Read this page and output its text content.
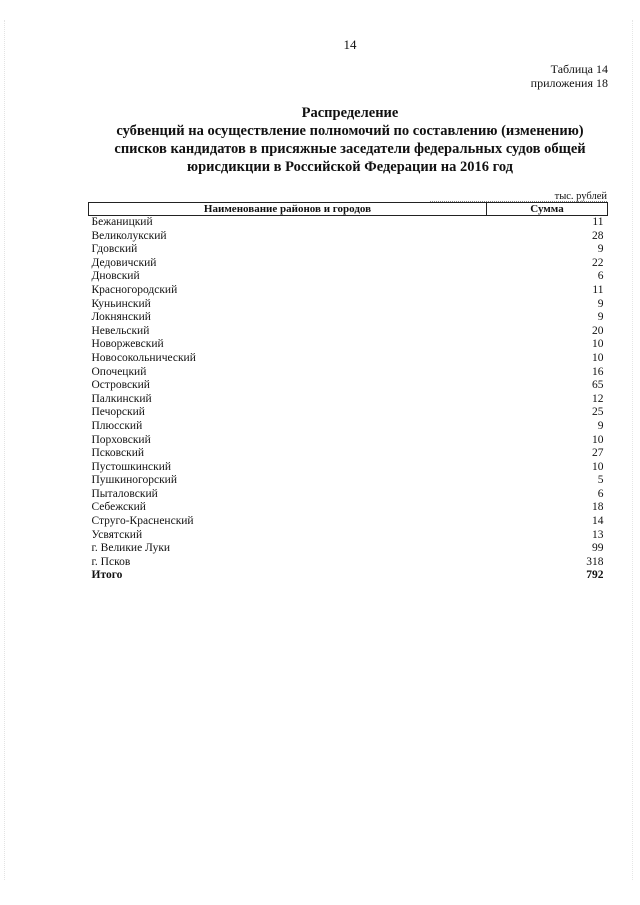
14
Таблица 14
приложения 18
Распределение
субвенций на осуществление полномочий по составлению (изменению)
списков кандидатов в присяжные заседатели федеральных судов общей
юрисдикции в Российской Федерации на 2016 год
тыс. рублей
Наименование районов и городов	Сумма
Бежаницкий	11
Великолукский	28
Гдовский	9
Дедовичский	22
Дновский	6
Красногородский	11
Куньинский	9
Локнянский	9
Невельский	20
Новоржевский	10
Новосокольнический	10
Опочецкий	16
Островский	65
Палкинский	12
Печорский	25
Плюсский	9
Порховский	10
Псковский	27
Пустошкинский	10
Пушкиногорский	5
Пыталовский	6
Себежский	18
Струго-Красненский	14
Усвятский	13
г. Великие Луки	99
г. Псков	318
Итого	792
